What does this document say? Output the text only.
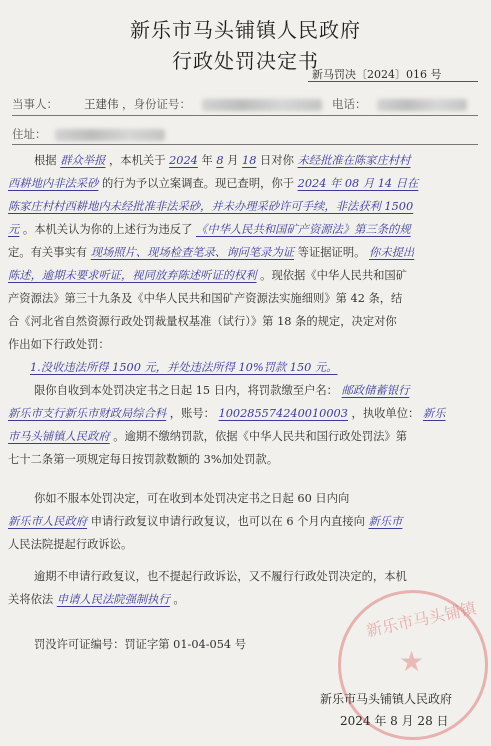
新乐市马头铺镇人民政府
行政处罚决定书
新马罚决〔2024〕016 号
当事人： 王建伟 ，身份证号：	电话：
住址：
根据 群众举报 ，本机关于 2024 年 8 月 18 日对你 未经批准在陈家庄村村
西耕地内非法采砂 的行为予以立案调查。现已查明，你于 2024 年 08 月 14 日在
陈家庄村村西耕地内未经批准非法采砂，并未办理采砂许可手续，非法获利 1500
元 。本机关认为你的上述行为违反了 《中华人民共和国矿产资源法》第三条的规
定。有关事实有 现场照片、现场检查笔录、询问笔录为证 等证据证明。 你未提出
陈述，逾期未要求听证，视同放弃陈述听证的权利 。现依据《中华人民共和国矿
产资源法》第三十九条及《中华人民共和国矿产资源法实施细则》第 42 条，结
合《河北省自然资源行政处罚裁量权基准（试行）》第 18 条的规定，决定对你
作出如下行政处罚：
1.没收违法所得 1500 元，并处违法所得 10%罚款 150 元。
限你自收到本处罚决定书之日起 15 日内，将罚款缴至户名： 邮政储蓄银行
新乐市支行新乐市财政局综合科 ，账号： 100285574240010003 ，执收单位： 新乐
市马头铺镇人民政府 。逾期不缴纳罚款，依据《中华人民共和国行政处罚法》第
七十二条第一项规定每日按罚款数额的 3%加处罚款。
你如不服本处罚决定，可在收到本处罚决定书之日起 60 日内向
新乐市人民政府 申请行政复议申请行政复议，也可以在 6 个月内直接向 新乐市
人民法院提起行政诉讼。
逾期不申请行政复议，也不提起行政诉讼，又不履行行政处罚决定的，本机
关将依法 申请人民法院强制执行 。
罚没许可证编号：罚证字第 01-04-054 号
新乐市马头铺镇
★
新乐市马头铺镇人民政府
2024 年 8 月 28 日
